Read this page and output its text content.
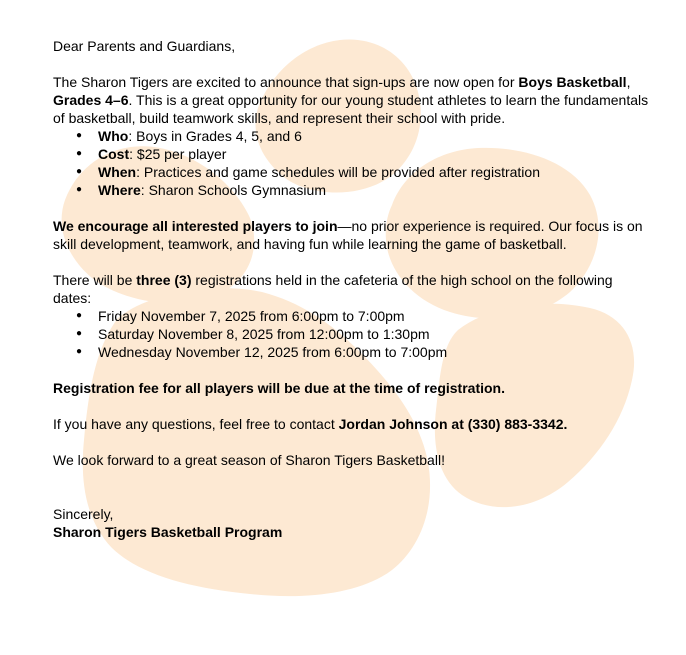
Dear Parents and Guardians,

The Sharon Tigers are excited to announce that sign-ups are now open for Boys Basketball, Grades 4–6. This is a great opportunity for our young student athletes to learn the fundamentals of basketball, build teamwork skills, and represent their school with pride.

● Who: Boys in Grades 4, 5, and 6
● Cost: $25 per player
● When: Practices and game schedules will be provided after registration
● Where: Sharon Schools Gymnasium

We encourage all interested players to join—no prior experience is required. Our focus is on skill development, teamwork, and having fun while learning the game of basketball.

There will be three (3) registrations held in the cafeteria of the high school on the following dates:

● Friday November 7, 2025 from 6:00pm to 7:00pm
● Saturday November 8, 2025 from 12:00pm to 1:30pm
● Wednesday November 12, 2025 from 6:00pm to 7:00pm

Registration fee for all players will be due at the time of registration.

If you have any questions, feel free to contact Jordan Johnson at (330) 883-3342.

We look forward to a great season of Sharon Tigers Basketball!

Sincerely,

Sharon Tigers Basketball Program
